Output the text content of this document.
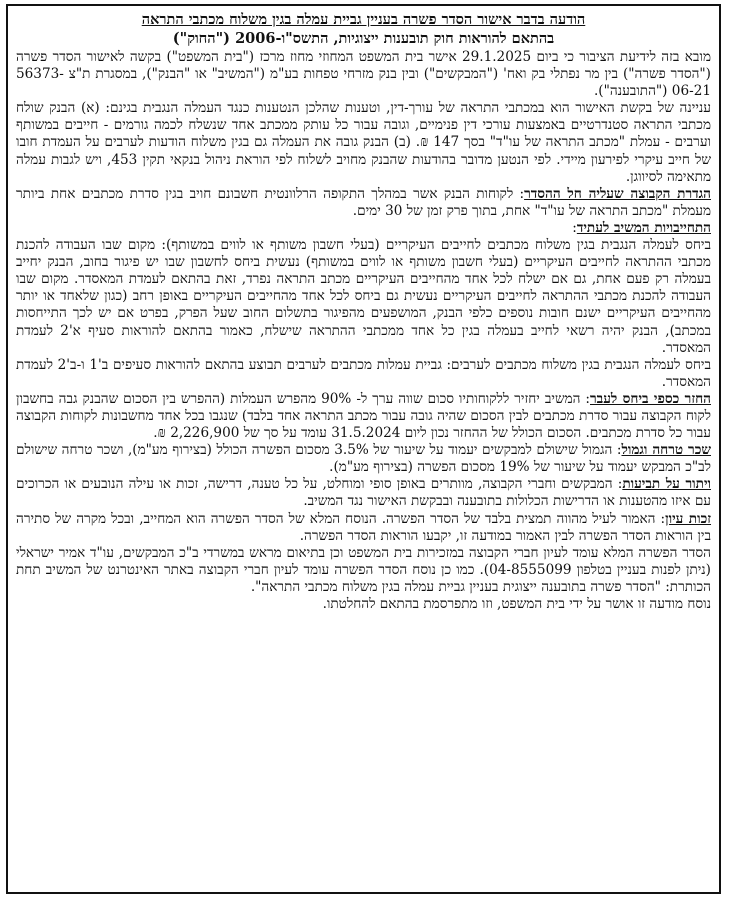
הודעה בדבר אישור הסדר פשרה בעניין גביית עמלה בגין משלוח מכתבי התראה
בהתאם להוראות חוק תובענות ייצוגיות, התשס"ו-2006 ("החוק")

מובא בזה לידיעת הציבור כי ביום 29.1.2025 אישר בית המשפט המחוזי מחוז מרכז ("בית המשפט") בקשה לאישור הסדר פשרה ("הסדר פשרה") בין מר נפתלי בק ואח' ("המבקשים") ובין בנק מזרחי טפחות בע"מ ("המשיב" או "הבנק"), במסגרת ת"צ 56373-06-21 ("התובענה").

עניינה של בקשת האישור הוא במכתבי התראה של עורך-דין, וטענות שהלכן הנטענות כנגד העמלה הנגבית בגינם: (א) הבנק שולח מכתבי התראה סטנדרטיים באמצעות עורכי דין פנימיים, וגובה עבור כל עותק ממכתב אחד שנשלח לכמה גורמים - חייבים במשותף וערבים - עמלת "מכתב התראה של עו"ד" בסך 147 ₪. (ב) הבנק גובה את העמלה גם בגין משלוח הודעות לערבים על העמדת חובו של חייב עיקרי לפירעון מיידי. לפי הנטען מדובר בהודעות שהבנק מחויב לשלוח לפי הוראת ניהול בנקאי תקין 453, ויש לגבות עמלה מתאימה לסיווגן.

הגדרת הקבוצה שעליה חל ההסדר: לקוחות הבנק אשר במהלך התקופה הרלוונטית חשבונם חויב בגין סדרת מכתבים אחת ביותר מעמלת "מכתב התראה של עו"ד" אחת, בתוך פרק זמן של 30 ימים.

התחייבויות המשיב לעתיד:

ביחס לעמלה הנגבית בגין משלוח מכתבים לחייבים העיקריים (בעלי חשבון משותף או לווים במשותף): מקום שבו העבודה להכנת מכתבי ההתראה לחייבים העיקריים (בעלי חשבון משותף או לווים במשותף) נעשית ביחס לחשבון שבו יש פיגור בחוב, הבנק יחייב בעמלה רק פעם אחת, גם אם ישלח לכל אחד מהחייבים העיקריים מכתב התראה נפרד, זאת בהתאם לעמדת המאסדר. מקום שבו העבודה להכנת מכתבי ההתראה לחייבים העיקריים נעשית גם ביחס לכל אחד מהחייבים העיקריים באופן רחב (כגון שלאחד או יותר מהחייבים העיקריים ישנם חובות נוספים כלפי הבנק, המושפעים מהפיגור בתשלום החוב שעל הפרק, בפרט אם יש לכך התייחסות במכתב), הבנק יהיה רשאי לחייב בעמלה בגין כל אחד ממכתבי ההתראה שישלח, כאמור בהתאם להוראות סעיף א'2 לעמדת המאסדר.

ביחס לעמלה הנגבית בגין משלוח מכתבים לערבים: גביית עמלות מכתבים לערבים תבוצע בהתאם להוראות סעיפים ב'1 ו-ב'2 לעמדת המאסדר.

החזר כספי ביחס לעבר: המשיב יחזיר ללקוחותיו סכום שווה ערך ל- 90% מהפרש העמלות (ההפרש בין הסכום שהבנק גבה בחשבון לקוח הקבוצה עבור סדרת מכתבים לבין הסכום שהיה גובה עבור מכתב התראה אחד בלבד) שנגבו בכל אחד מחשבונות לקוחות הקבוצה עבור כל סדרת מכתבים. הסכום הכולל של ההחזר נכון ליום 31.5.2024 עומד על סך של 2,226,900 ₪.

שכר טרחה וגמול: הגמול שישולם למבקשים יעמוד על שיעור של 3.5% מסכום הפשרה הכולל (בצירוף מע"מ), ושכר טרחה שישולם לב"כ המבקש יעמוד על שיעור של 19% מסכום הפשרה (בצירוף מע"מ).

ויתור על תביעות: המבקשים וחברי הקבוצה, מוותרים באופן סופי ומוחלט, על כל טענה, דרישה, זכות או עילה הנובעים או הכרוכים עם איזו מהטענות או הדרישות הכלולות בתובענה ובבקשת האישור נגד המשיב.

זכות עיון: האמור לעיל מהווה תמצית בלבד של הסדר הפשרה. הנוסח המלא של הסדר הפשרה הוא המחייב, ובכל מקרה של סתירה בין הוראות הסדר הפשרה לבין האמור במודעה זו, יקבעו הוראות הסדר הפשרה.

הסדר הפשרה המלא עומד לעיון חברי הקבוצה במזכירות בית המשפט וכן בתיאום מראש במשרדי ב"כ המבקשים, עו"ד אמיר ישראלי (ניתן לפנות בעניין בטלפון 04-8555099). כמו כן נוסח הסדר הפשרה עומד לעיון חברי הקבוצה באתר האינטרנט של המשיב תחת הכותרת: "הסדר פשרה בתובענה ייצוגית בעניין גביית עמלה בגין משלוח מכתבי התראה".

נוסח מודעה זו אושר על ידי בית המשפט, וזו מתפרסמת בהתאם להחלטתו.
